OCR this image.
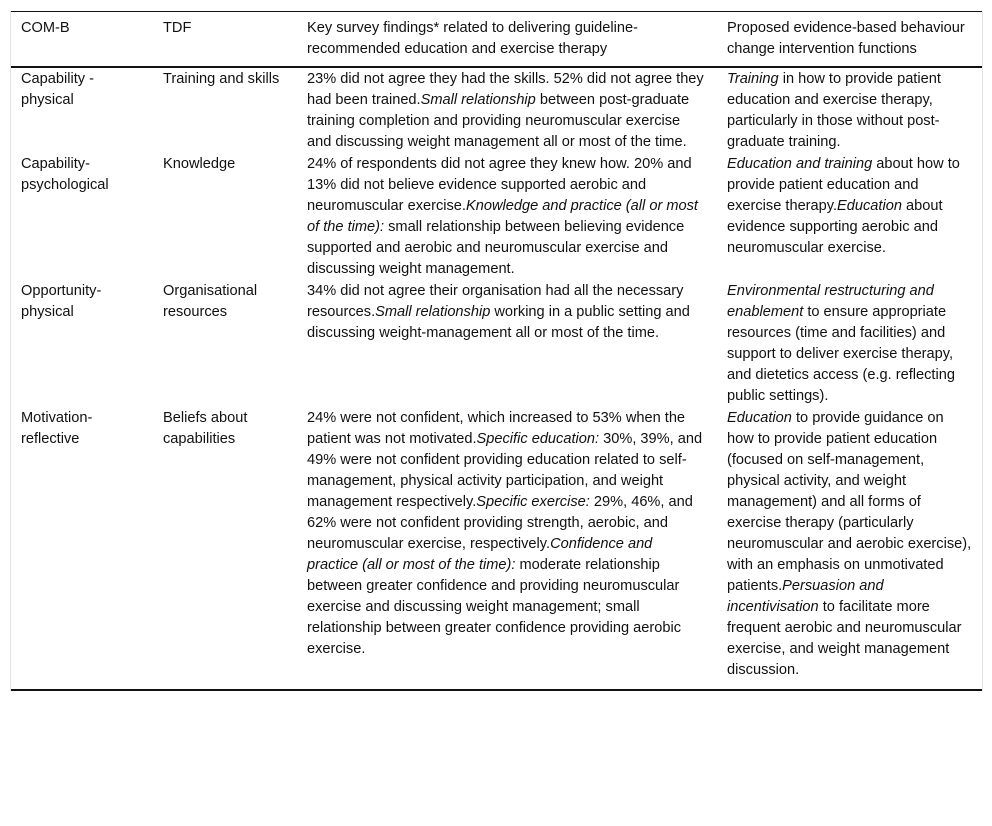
COM-B	TDF	Key survey findings* related to delivering guideline-recommended education and exercise therapy	Proposed evidence-based behaviour change intervention functions
Capability - physical	Training and skills	23% did not agree they had the skills. 52% did not agree they had been trained.Small relationship between post-graduate training completion and providing neuromuscular exercise and discussing weight management all or most of the time.	Training in how to provide patient education and exercise therapy, particularly in those without post-graduate training.
Capability-psychological	Knowledge	24% of respondents did not agree they knew how. 20% and 13% did not believe evidence supported aerobic and neuromuscular exercise.Knowledge and practice (all or most of the time): small relationship between believing evidence supported and aerobic and neuromuscular exercise and discussing weight management.	Education and training about how to provide patient education and exercise therapy.Education about evidence supporting aerobic and neuromuscular exercise.
Opportunity-physical	Organisational resources	34% did not agree their organisation had all the necessary resources.Small relationship working in a public setting and discussing weight-management all or most of the time.	Environmental restructuring and enablement to ensure appropriate resources (time and facilities) and support to deliver exercise therapy, and dietetics access (e.g. reflecting public settings).
Motivation-reflective	Beliefs about capabilities	24% were not confident, which increased to 53% when the patient was not motivated.Specific education: 30%, 39%, and 49% were not confident providing education related to self-management, physical activity participation, and weight management respectively.Specific exercise: 29%, 46%, and 62% were not confident providing strength, aerobic, and neuromuscular exercise, respectively.Confidence and practice (all or most of the time): moderate relationship between greater confidence and providing neuromuscular exercise and discussing weight management; small relationship between greater confidence providing aerobic exercise.	Education to provide guidance on how to provide patient education (focused on self-management, physical activity, and weight management) and all forms of exercise therapy (particularly neuromuscular and aerobic exercise), with an emphasis on unmotivated patients.Persuasion and incentivisation to facilitate more frequent aerobic and neuromuscular exercise, and weight management discussion.
